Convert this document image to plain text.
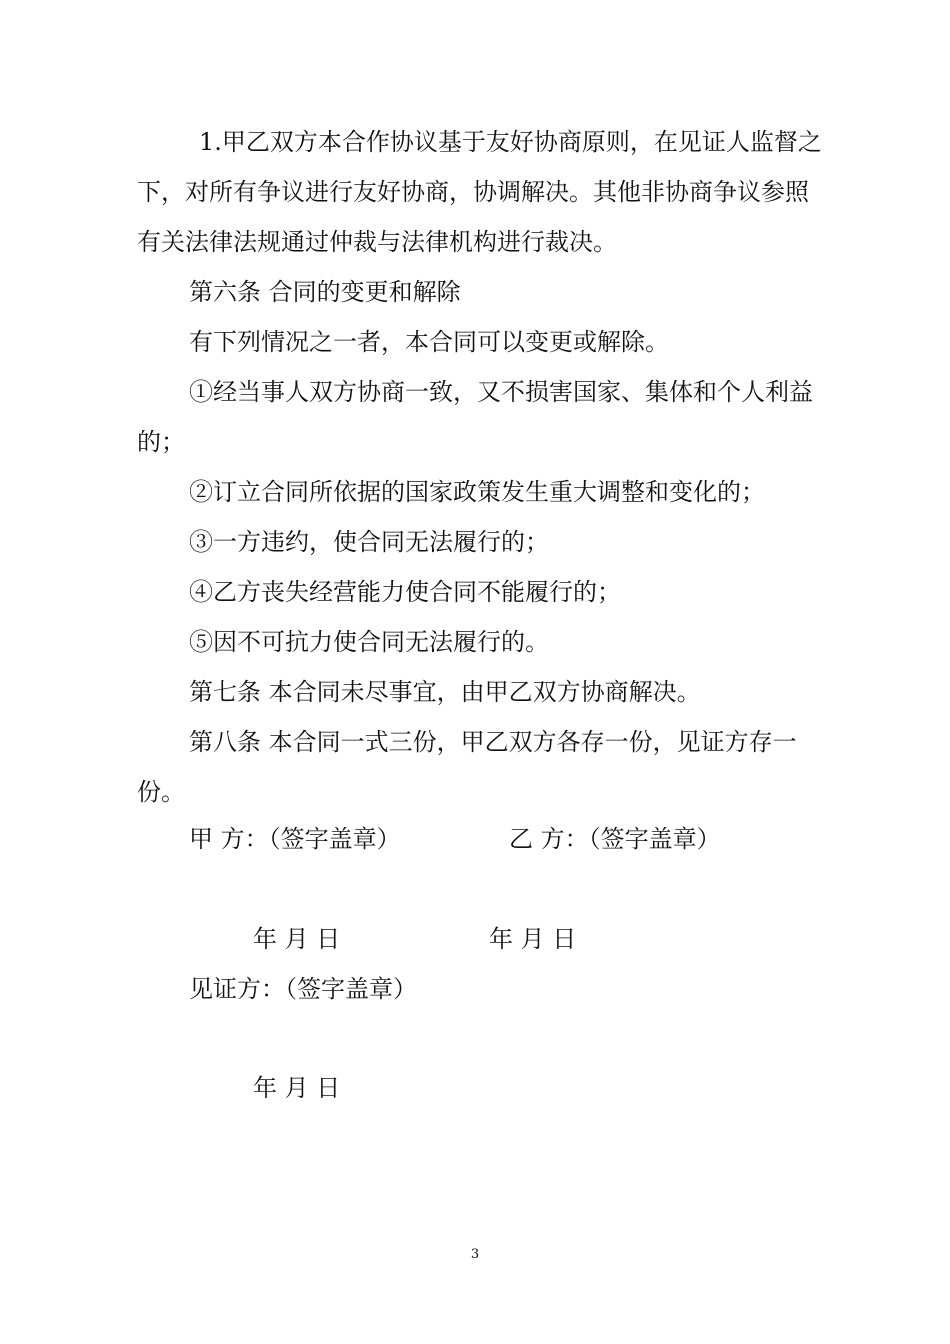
1.甲乙双方本合作协议基于友好协商原则，在见证人监督之下，对所有争议进行友好协商，协调解决。其他非协商争议参照有关法律法规通过仲裁与法律机构进行裁决。

第六条 合同的变更和解除

有下列情况之一者，本合同可以变更或解除。

①经当事人双方协商一致，又不损害国家、集体和个人利益的；

②订立合同所依据的国家政策发生重大调整和变化的；

③一方违约，使合同无法履行的；

④乙方丧失经营能力使合同不能履行的；

⑤因不可抗力使合同无法履行的。

第七条 本合同未尽事宜，由甲乙双方协商解决。

第八条 本合同一式三份，甲乙双方各存一份，见证方存一份。

甲 方：（签字盖章）	乙 方：（签字盖章）
年 月 日	年 月 日
见证方：（签字盖章）
年 月 日
3
